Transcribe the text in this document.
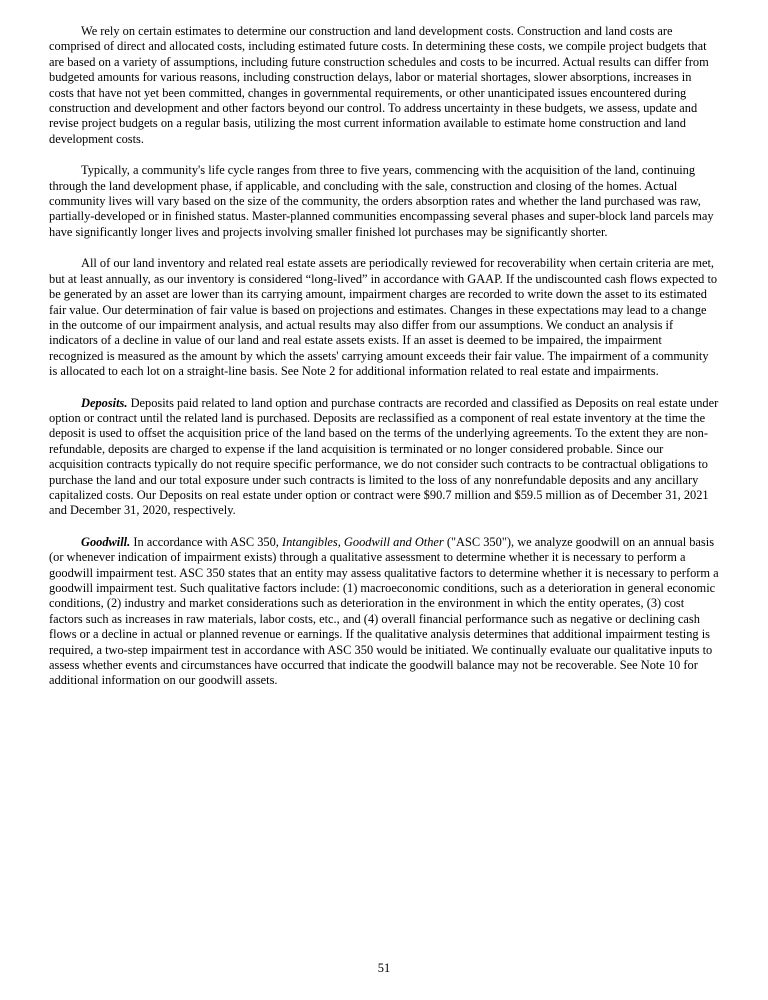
We rely on certain estimates to determine our construction and land development costs. Construction and land costs are comprised of direct and allocated costs, including estimated future costs. In determining these costs, we compile project budgets that are based on a variety of assumptions, including future construction schedules and costs to be incurred. Actual results can differ from budgeted amounts for various reasons, including construction delays, labor or material shortages, slower absorptions, increases in costs that have not yet been committed, changes in governmental requirements, or other unanticipated issues encountered during construction and development and other factors beyond our control. To address uncertainty in these budgets, we assess, update and revise project budgets on a regular basis, utilizing the most current information available to estimate home construction and land development costs.

Typically, a community's life cycle ranges from three to five years, commencing with the acquisition of the land, continuing through the land development phase, if applicable, and concluding with the sale, construction and closing of the homes. Actual community lives will vary based on the size of the community, the orders absorption rates and whether the land purchased was raw, partially-developed or in finished status. Master-planned communities encompassing several phases and super-block land parcels may have significantly longer lives and projects involving smaller finished lot purchases may be significantly shorter.

All of our land inventory and related real estate assets are periodically reviewed for recoverability when certain criteria are met, but at least annually, as our inventory is considered “long-lived” in accordance with GAAP. If the undiscounted cash flows expected to be generated by an asset are lower than its carrying amount, impairment charges are recorded to write down the asset to its estimated fair value. Our determination of fair value is based on projections and estimates. Changes in these expectations may lead to a change in the outcome of our impairment analysis, and actual results may also differ from our assumptions. We conduct an analysis if indicators of a decline in value of our land and real estate assets exists. If an asset is deemed to be impaired, the impairment recognized is measured as the amount by which the assets' carrying amount exceeds their fair value. The impairment of a community is allocated to each lot on a straight-line basis. See Note 2 for additional information related to real estate and impairments.

Deposits. Deposits paid related to land option and purchase contracts are recorded and classified as Deposits on real estate under option or contract until the related land is purchased. Deposits are reclassified as a component of real estate inventory at the time the deposit is used to offset the acquisition price of the land based on the terms of the underlying agreements. To the extent they are non-refundable, deposits are charged to expense if the land acquisition is terminated or no longer considered probable. Since our acquisition contracts typically do not require specific performance, we do not consider such contracts to be contractual obligations to purchase the land and our total exposure under such contracts is limited to the loss of any nonrefundable deposits and any ancillary capitalized costs. Our Deposits on real estate under option or contract were $90.7 million and $59.5 million as of December 31, 2021 and December 31, 2020, respectively.

Goodwill. In accordance with ASC 350, Intangibles, Goodwill and Other ("ASC 350"), we analyze goodwill on an annual basis (or whenever indication of impairment exists) through a qualitative assessment to determine whether it is necessary to perform a goodwill impairment test. ASC 350 states that an entity may assess qualitative factors to determine whether it is necessary to perform a goodwill impairment test. Such qualitative factors include: (1) macroeconomic conditions, such as a deterioration in general economic conditions, (2) industry and market considerations such as deterioration in the environment in which the entity operates, (3) cost factors such as increases in raw materials, labor costs, etc., and (4) overall financial performance such as negative or declining cash flows or a decline in actual or planned revenue or earnings. If the qualitative analysis determines that additional impairment testing is required, a two-step impairment test in accordance with ASC 350 would be initiated. We continually evaluate our qualitative inputs to assess whether events and circumstances have occurred that indicate the goodwill balance may not be recoverable. See Note 10 for additional information on our goodwill assets.

51
